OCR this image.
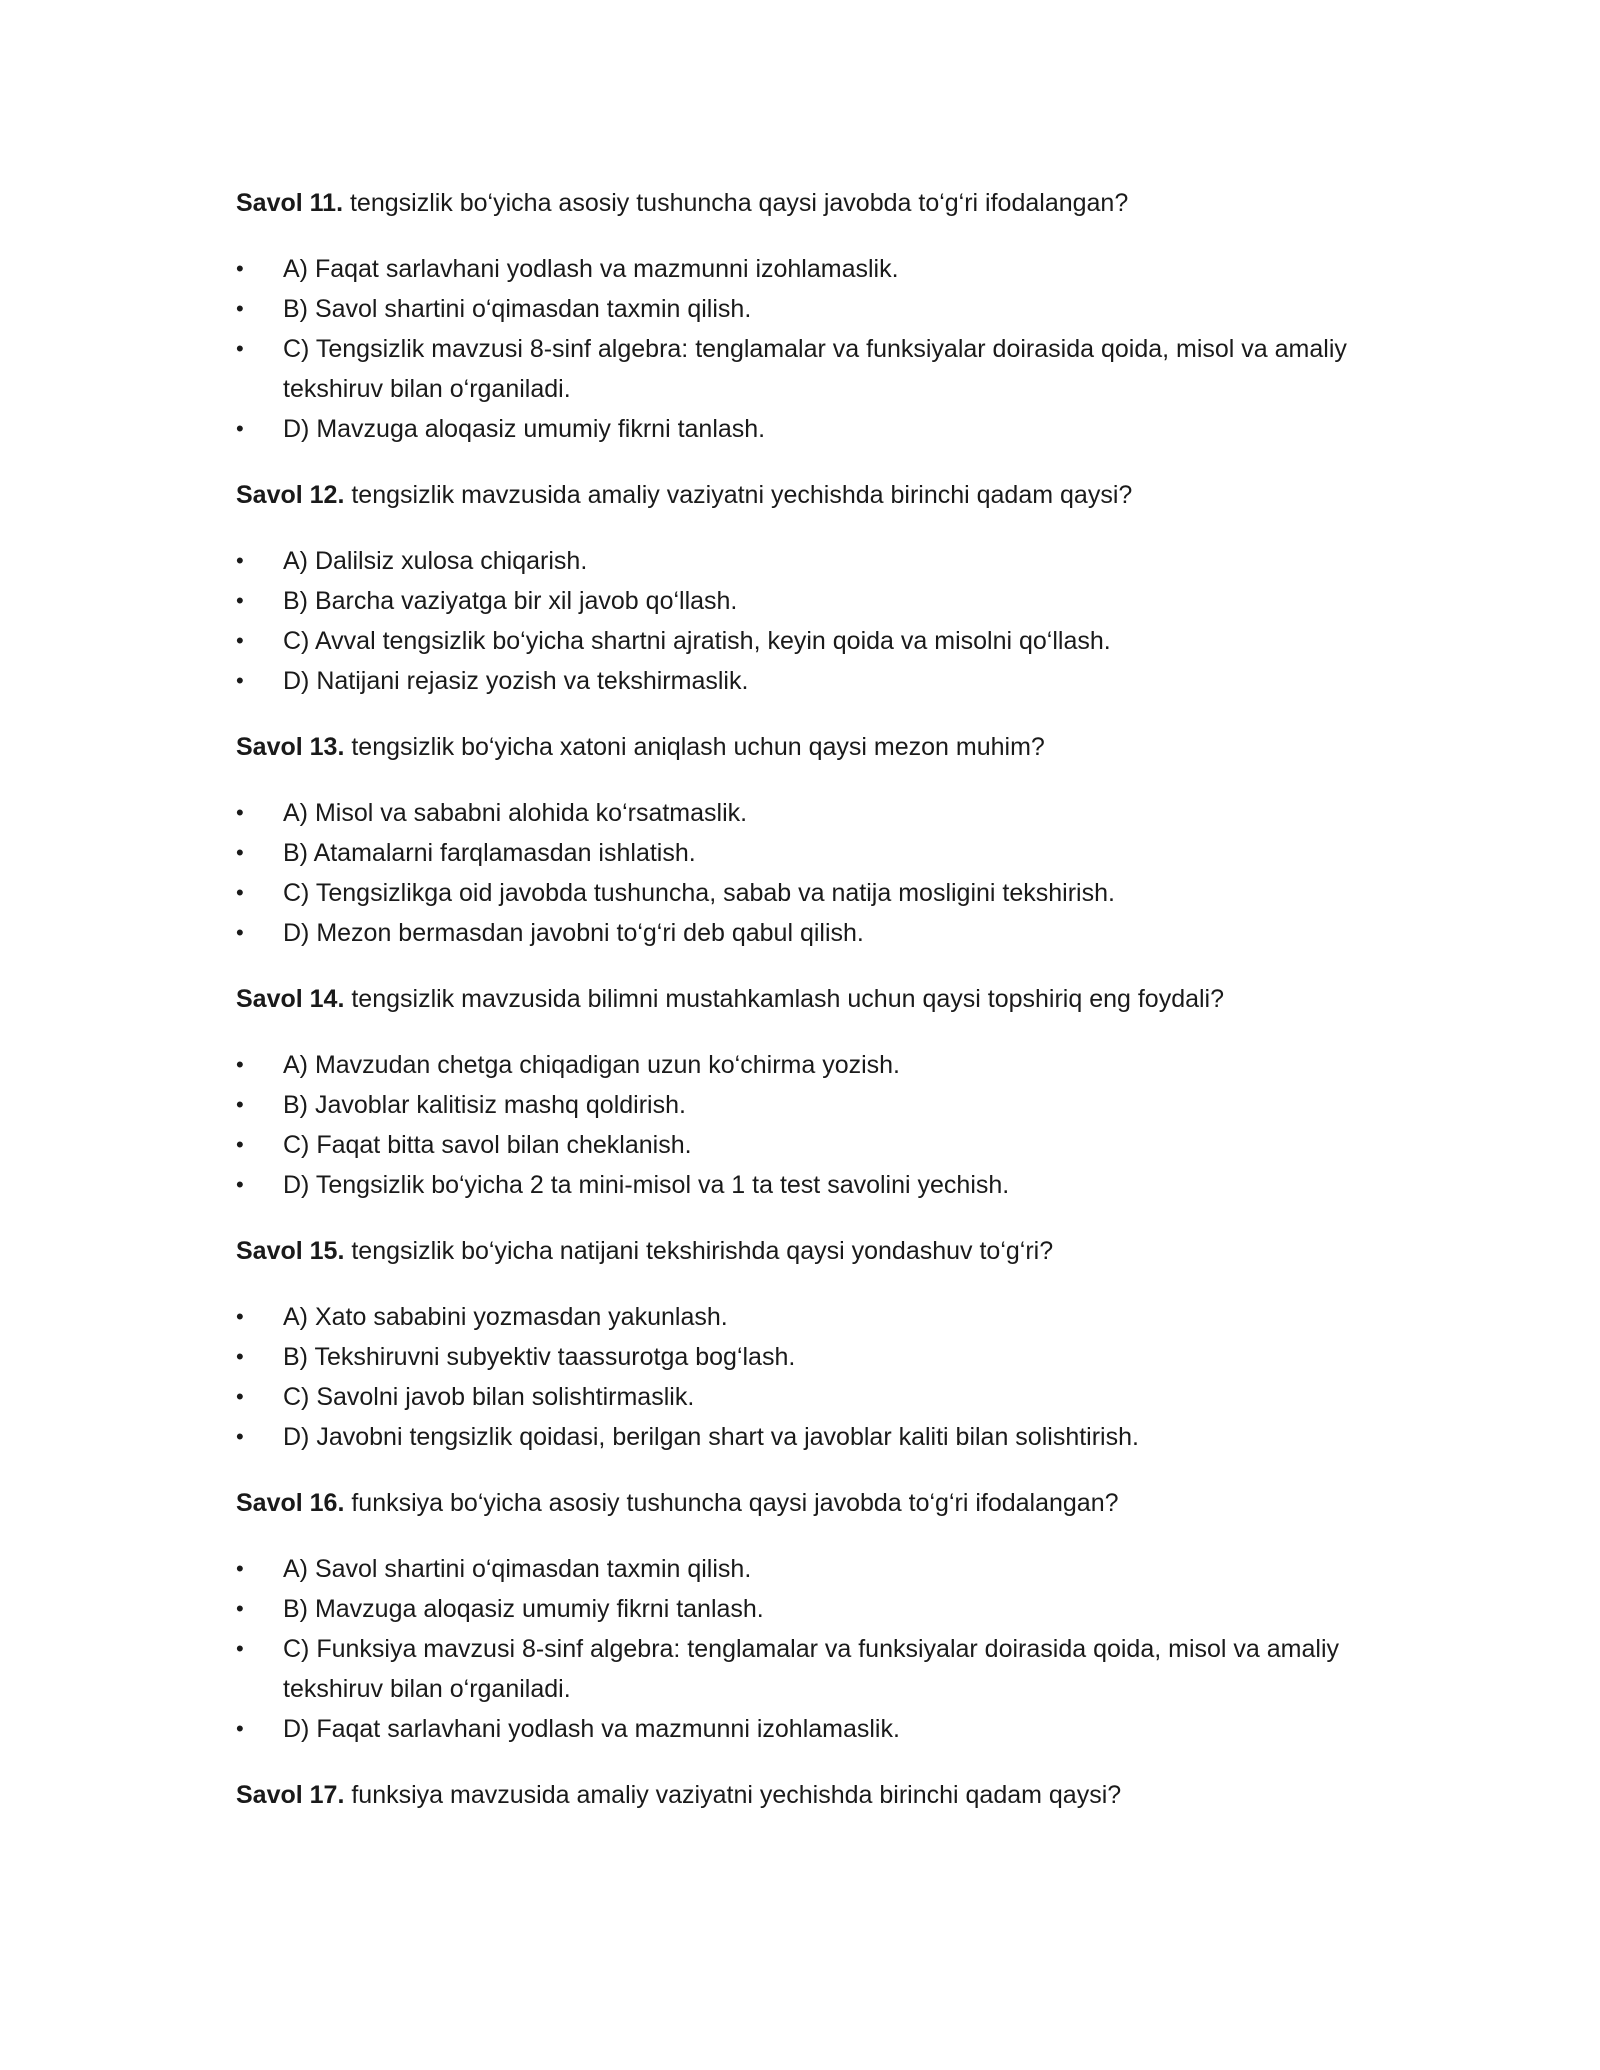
Savol 11. tengsizlik bo‘yicha asosiy tushuncha qaysi javobda to‘g‘ri ifodalangan?

•	A) Faqat sarlavhani yodlash va mazmunni izohlamaslik.
•	B) Savol shartini o‘qimasdan taxmin qilish.
•	C) Tengsizlik mavzusi 8-sinf algebra: tenglamalar va funksiyalar doirasida qoida, misol va amaliy tekshiruv bilan o‘rganiladi.
•	D) Mavzuga aloqasiz umumiy fikrni tanlash.

Savol 12. tengsizlik mavzusida amaliy vaziyatni yechishda birinchi qadam qaysi?

•	A) Dalilsiz xulosa chiqarish.
•	B) Barcha vaziyatga bir xil javob qo‘llash.
•	C) Avval tengsizlik bo‘yicha shartni ajratish, keyin qoida va misolni qo‘llash.
•	D) Natijani rejasiz yozish va tekshirmaslik.

Savol 13. tengsizlik bo‘yicha xatoni aniqlash uchun qaysi mezon muhim?

•	A) Misol va sababni alohida ko‘rsatmaslik.
•	B) Atamalarni farqlamasdan ishlatish.
•	C) Tengsizlikga oid javobda tushuncha, sabab va natija mosligini tekshirish.
•	D) Mezon bermasdan javobni to‘g‘ri deb qabul qilish.

Savol 14. tengsizlik mavzusida bilimni mustahkamlash uchun qaysi topshiriq eng foydali?

•	A) Mavzudan chetga chiqadigan uzun ko‘chirma yozish.
•	B) Javoblar kalitisiz mashq qoldirish.
•	C) Faqat bitta savol bilan cheklanish.
•	D) Tengsizlik bo‘yicha 2 ta mini-misol va 1 ta test savolini yechish.

Savol 15. tengsizlik bo‘yicha natijani tekshirishda qaysi yondashuv to‘g‘ri?

•	A) Xato sababini yozmasdan yakunlash.
•	B) Tekshiruvni subyektiv taassurotga bog‘lash.
•	C) Savolni javob bilan solishtirmaslik.
•	D) Javobni tengsizlik qoidasi, berilgan shart va javoblar kaliti bilan solishtirish.

Savol 16. funksiya bo‘yicha asosiy tushuncha qaysi javobda to‘g‘ri ifodalangan?

•	A) Savol shartini o‘qimasdan taxmin qilish.
•	B) Mavzuga aloqasiz umumiy fikrni tanlash.
•	C) Funksiya mavzusi 8-sinf algebra: tenglamalar va funksiyalar doirasida qoida, misol va amaliy tekshiruv bilan o‘rganiladi.
•	D) Faqat sarlavhani yodlash va mazmunni izohlamaslik.

Savol 17. funksiya mavzusida amaliy vaziyatni yechishda birinchi qadam qaysi?
